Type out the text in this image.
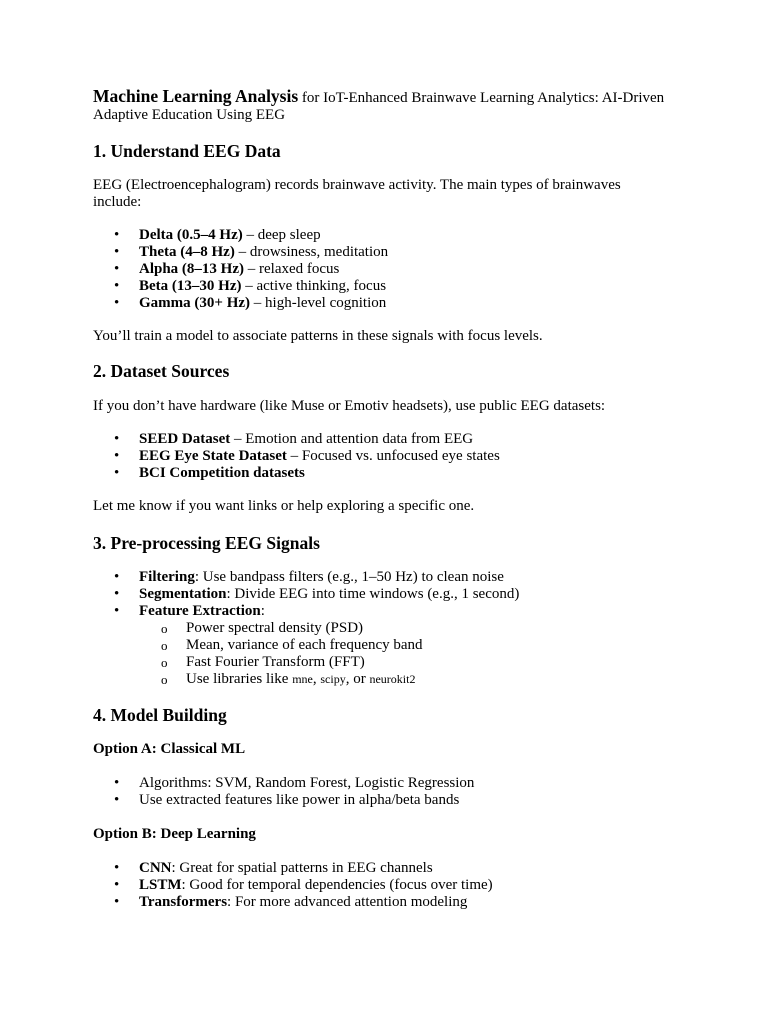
Machine Learning Analysis for IoT-Enhanced Brainwave Learning Analytics: AI-Driven Adaptive Education Using EEG
1. Understand EEG Data

EEG (Electroencephalogram) records brainwave activity. The main types of brainwaves include:

• Delta (0.5–4 Hz) – deep sleep
• Theta (4–8 Hz) – drowsiness, meditation
• Alpha (8–13 Hz) – relaxed focus
• Beta (13–30 Hz) – active thinking, focus
• Gamma (30+ Hz) – high-level cognition

You’ll train a model to associate patterns in these signals with focus levels.

2. Dataset Sources

If you don’t have hardware (like Muse or Emotiv headsets), use public EEG datasets:

• SEED Dataset – Emotion and attention data from EEG
• EEG Eye State Dataset – Focused vs. unfocused eye states
• BCI Competition datasets

Let me know if you want links or help exploring a specific one.

3. Pre-processing EEG Signals
• Filtering: Use bandpass filters (e.g., 1–50 Hz) to clean noise
• Segmentation: Divide EEG into time windows (e.g., 1 second)
• Feature Extraction:
o Power spectral density (PSD)
o Mean, variance of each frequency band
o Fast Fourier Transform (FFT)
o Use libraries like mne, scipy, or neurokit2
4. Model Building
Option A: Classical ML
• Algorithms: SVM, Random Forest, Logistic Regression
• Use extracted features like power in alpha/beta bands
Option B: Deep Learning
• CNN: Great for spatial patterns in EEG channels
• LSTM: Good for temporal dependencies (focus over time)
• Transformers: For more advanced attention modeling
